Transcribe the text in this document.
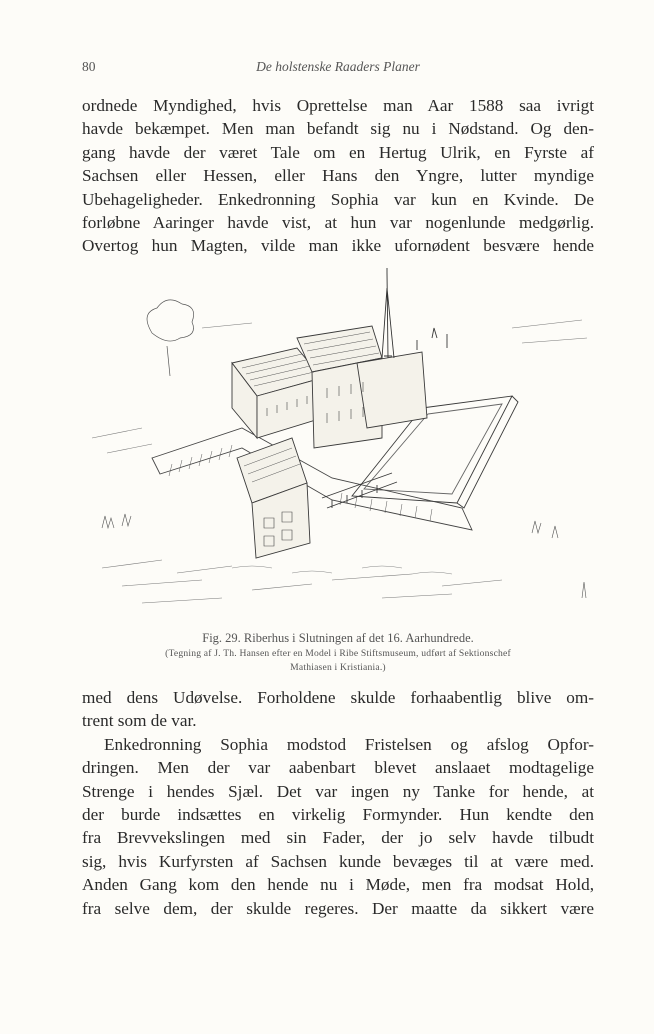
80	De holstenske Raaders Planer

ordnede Myndighed, hvis Oprettelse man Aar 1588 saa ivrigt
havde bekæmpet. Men man befandt sig nu i Nødstand. Og den-
gang havde der været Tale om en Hertug Ulrik, en Fyrste af
Sachsen eller Hessen, eller Hans den Yngre, lutter myndige
Ubehageligheder. Enkedronning Sophia var kun en Kvinde. De
forløbne Aaringer havde vist, at hun var nogenlunde medgørlig.
Overtog hun Magten, vilde man ikke ufornødent besvære hende

Fig. 29. Riberhus i Slutningen af det 16. Aarhundrede.
(Tegning af J. Th. Hansen efter en Model i Ribe Stiftsmuseum, udført af Sektionschef
Mathiasen i Kristiania.)

med dens Udøvelse. Forholdene skulde forhaabentlig blive om-
trent som de var.

Enkedronning Sophia modstod Fristelsen og afslog Opfor-
dringen. Men der var aabenbart blevet anslaaet modtagelige
Strenge i hendes Sjæl. Det var ingen ny Tanke for hende, at
der burde indsættes en virkelig Formynder. Hun kendte den
fra Brevvekslingen med sin Fader, der jo selv havde tilbudt
sig, hvis Kurfyrsten af Sachsen kunde bevæges til at være med.
Anden Gang kom den hende nu i Møde, men fra modsat Hold,
fra selve dem, der skulde regeres. Der maatte da sikkert være
